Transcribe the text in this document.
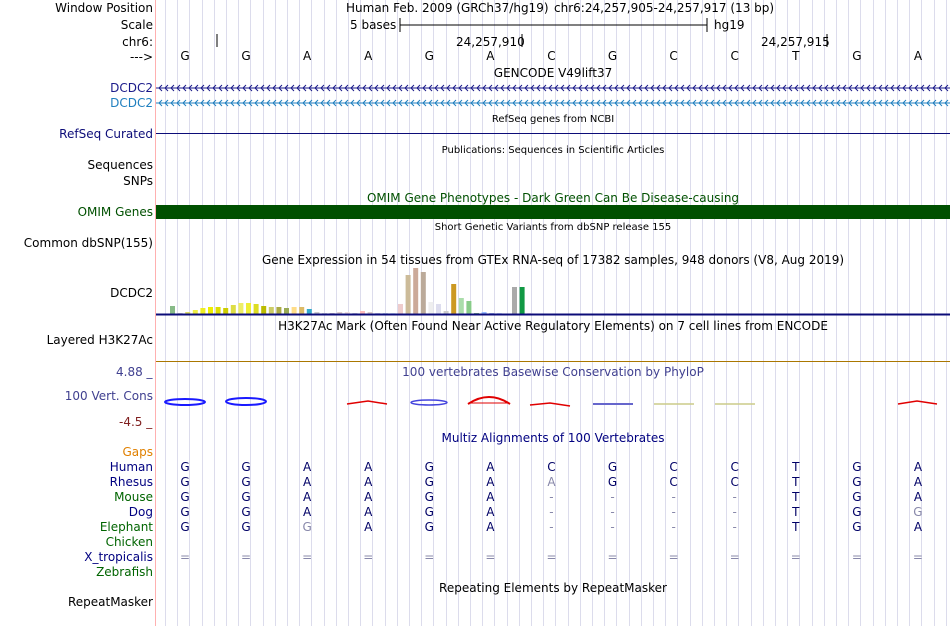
Window Position	Human Feb. 2009 (GRCh37/hg19) chr6:24,257,905-24,257,917 (13 bp)
Scale	5 bases	hg19
chr6:	24,257,910	24,257,915
--->	G	G	A	A	G	A	C	G	C	C	T	G	A
GENCODE V49lift37
DCDC2
DCDC2
RefSeq genes from NCBI
RefSeq Curated
Publications: Sequences in Scientific Articles
Sequences
SNPs
OMIM Gene Phenotypes - Dark Green Can Be Disease-causing
OMIM Genes
Short Genetic Variants from dbSNP release 155
Common dbSNP(155)
Gene Expression in 54 tissues from GTEx RNA-seq of 17382 samples, 948 donors (V8, Aug 2019)
DCDC2
H3K27Ac Mark (Often Found Near Active Regulatory Elements) on 7 cell lines from ENCODE
Layered H3K27Ac
100 vertebrates Basewise Conservation by PhyloP
4.88 _
100 Vert. Cons
-4.5 _
Multiz Alignments of 100 Vertebrates
Gaps
Human	G	G	A	A	G	A	C	G	C	C	T	G	A
Rhesus	G	G	A	A	G	A	A	G	C	C	T	G	A
Mouse	G	G	A	A	G	A	-	-	-	-	T	G	A
Dog	G	G	A	A	G	A	-	-	-	-	T	G	G
Elephant	G	G	G	A	G	A	-	-	-	-	T	G	A
Chicken
X_tropicalis	=	=	=	=	=	=	=	=	=	=	=	=	=
Zebrafish
Repeating Elements by RepeatMasker
RepeatMasker
